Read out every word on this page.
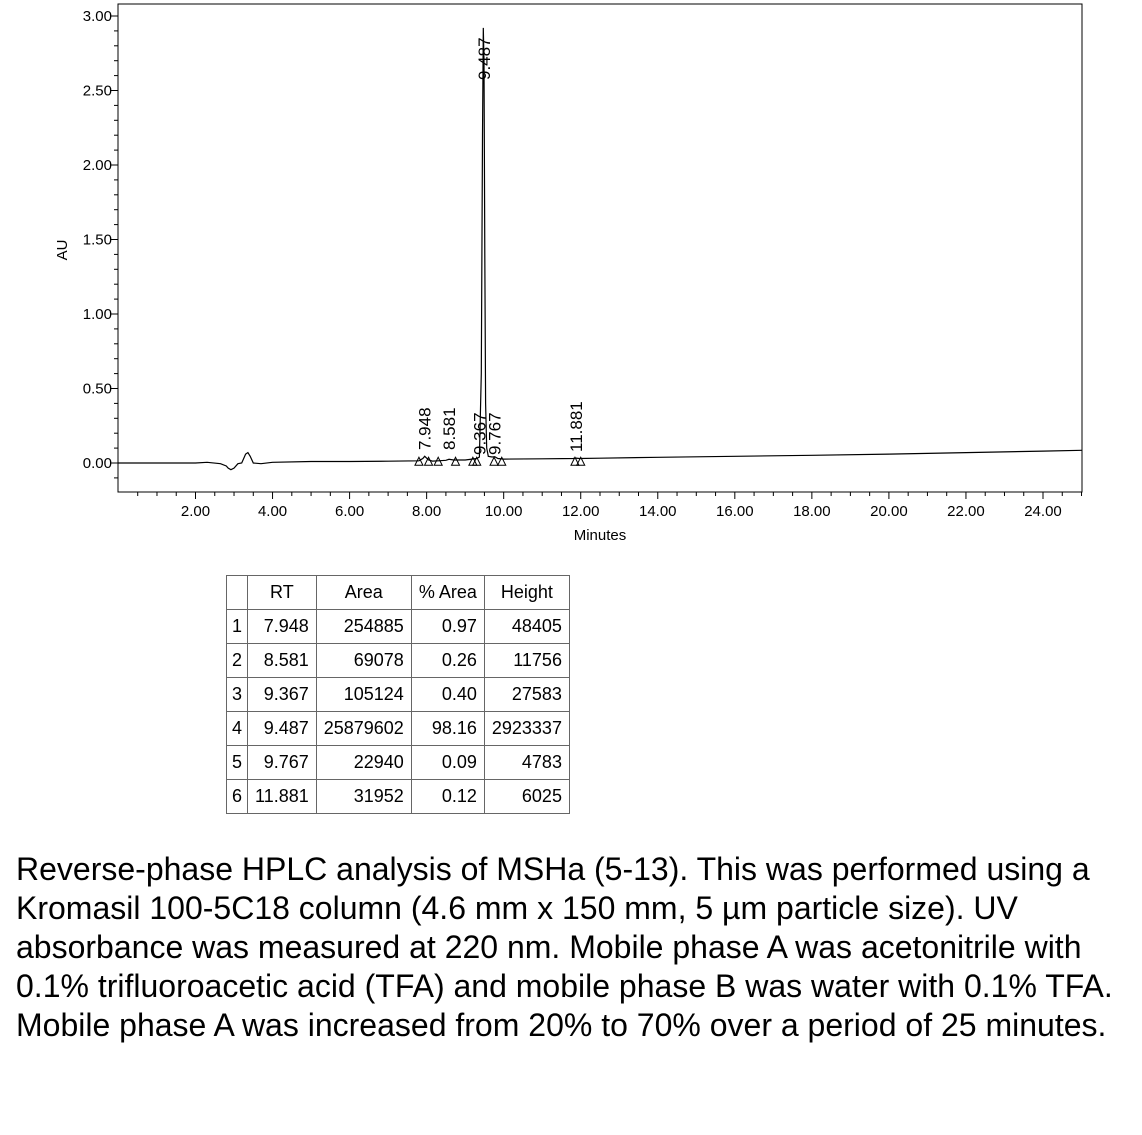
0.00
0.50
1.00
1.50
2.00
2.50
3.00
2.00	4.00	6.00	8.00	10.00	12.00	14.00	16.00	18.00	20.00	22.00	24.00
7.948 8.581 9.367
9.487
9.767	11.881
AU
Minutes
	RT	Area	% Area	Height
1	7.948	254885	0.97	48405
2	8.581	69078	0.26	11756
3	9.367	105124	0.40	27583
4	9.487	25879602	98.16	2923337
5	9.767	22940	0.09	4783
6	11.881	31952	0.12	6025

Reverse-phase HPLC analysis of MSHa (5-13). This was performed using a Kromasil 100-5C18 column (4.6 mm x 150 mm, 5 µm particle size). UV absorbance was measured at 220 nm. Mobile phase A was acetonitrile with 0.1% trifluoroacetic acid (TFA) and mobile phase B was water with 0.1% TFA. Mobile phase A was increased from 20% to 70% over a period of 25 minutes.
